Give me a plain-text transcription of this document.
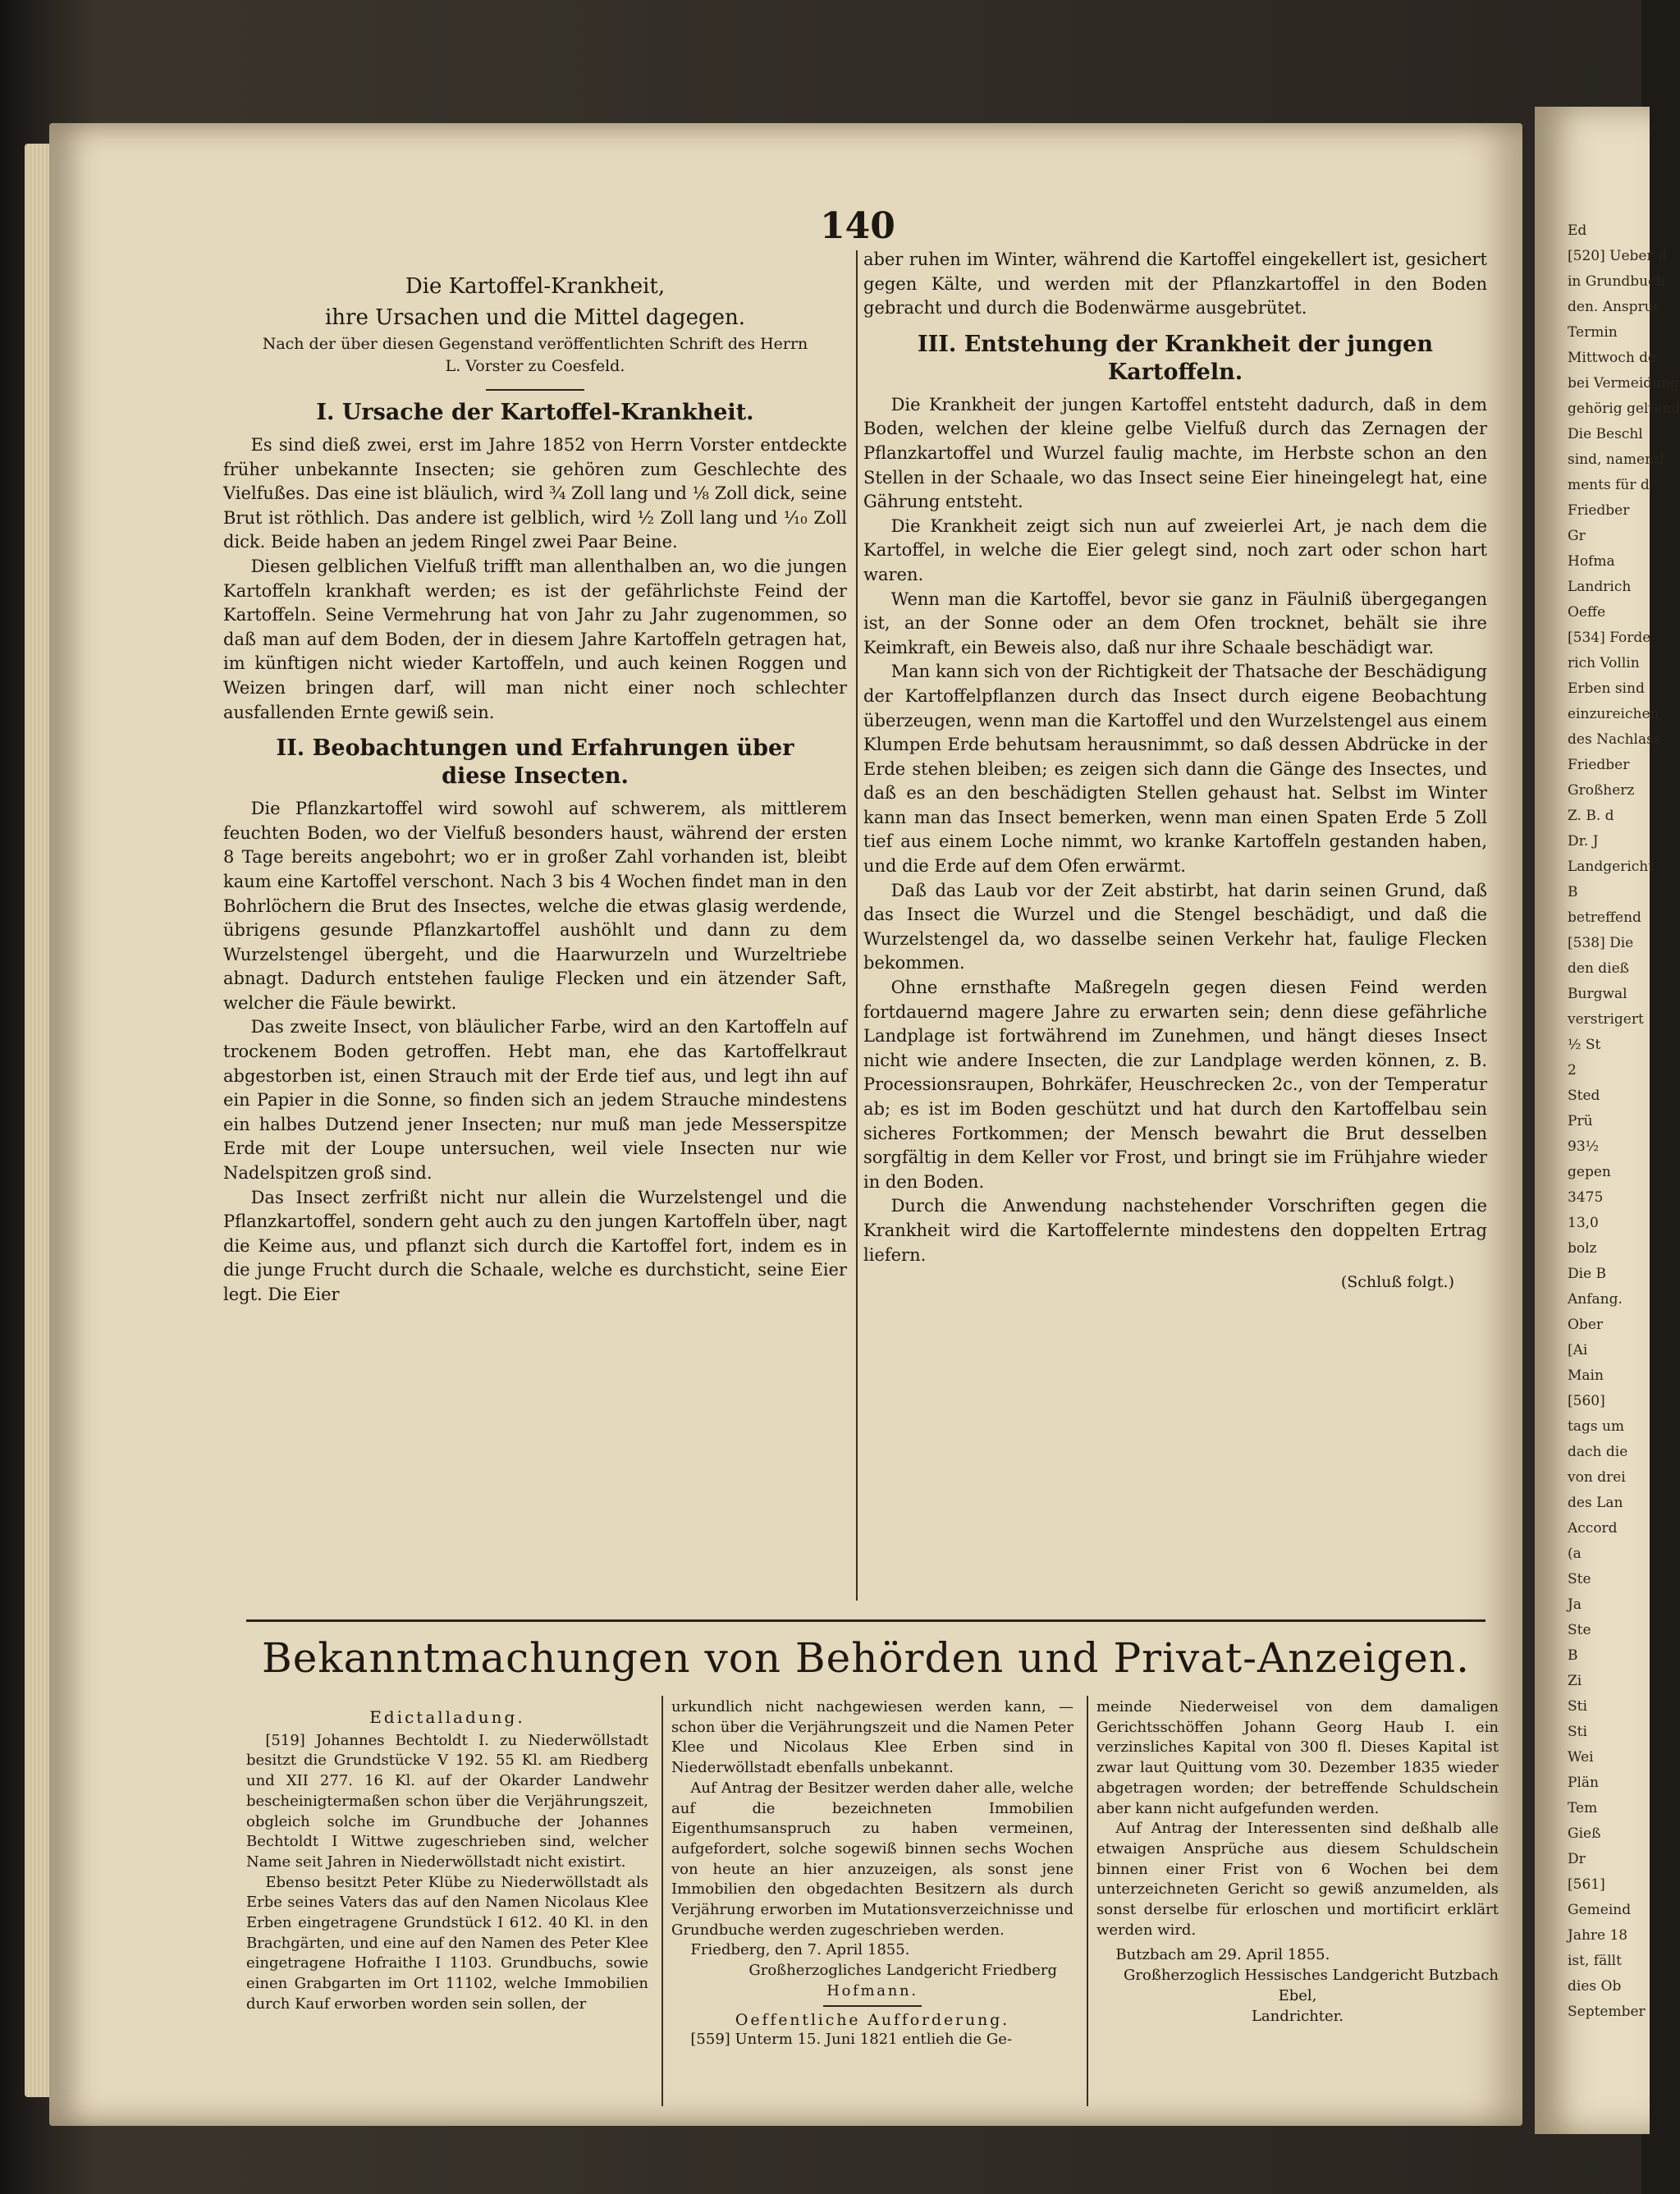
Ed
[520] Ueber d
in Grundbuch
den. Anspruc
Termin
Mittwoch de
bei Vermeidung
gehörig geltend
Die Beschl
sind, namentl
ments für d
Friedber
Gr
Hofma
Landrich
Oeffe
[534] Forde
rich Vollin
Erben sind
einzureichen,
des Nachlass
Friedber
Großherz
Z. B. d
Dr. J
Landgericht
B
betreffend
[538] Die
den dieß
Burgwal
verstrigert
½ St
2
Sted
Prü
93½
gepen
3475
13,0
bolz
Die B
Anfang.
Ober
[Ai
Main
[560]
tags um
dach die
von drei
des Lan
Accord
(a
Ste
Ja
Ste
B
Zi
Sti
Sti
Wei
Plän
Tem
Gieß
Dr
[561]
Gemeind
Jahre 18
ist, fällt
dies Ob
September
140
Die Kartoffel-Krankheit,
ihre Ursachen und die Mittel dagegen.
Nach der über diesen Gegenstand veröffentlichten Schrift des Herrn
L. Vorster zu Coesfeld.
I. Ursache der Kartoffel-Krankheit.

Es sind dieß zwei, erst im Jahre 1852 von Herrn Vorster entdeckte früher unbekannte Insecten; sie gehören zum Geschlechte des Vielfußes. Das eine ist bläulich, wird ¾ Zoll lang und ⅛ Zoll dick, seine Brut ist röthlich. Das andere ist gelblich, wird ½ Zoll lang und ¹⁄₁₀ Zoll dick. Beide haben an jedem Ringel zwei Paar Beine.

Diesen gelblichen Vielfuß trifft man allenthalben an, wo die jungen Kartoffeln krankhaft werden; es ist der gefährlichste Feind der Kartoffeln. Seine Vermehrung hat von Jahr zu Jahr zugenommen, so daß man auf dem Boden, der in diesem Jahre Kartoffeln getragen hat, im künftigen nicht wieder Kartoffeln, und auch keinen Roggen und Weizen bringen darf, will man nicht einer noch schlechter ausfallenden Ernte gewiß sein.

II. Beobachtungen und Erfahrungen über
diese Insecten.

Die Pflanzkartoffel wird sowohl auf schwerem, als mittlerem feuchten Boden, wo der Vielfuß besonders haust, während der ersten 8 Tage bereits angebohrt; wo er in großer Zahl vorhanden ist, bleibt kaum eine Kartoffel verschont. Nach 3 bis 4 Wochen findet man in den Bohrlöchern die Brut des Insectes, welche die etwas glasig werdende, übrigens gesunde Pflanzkartoffel aushöhlt und dann zu dem Wurzelstengel übergeht, und die Haarwurzeln und Wurzeltriebe abnagt. Dadurch entstehen faulige Flecken und ein ätzender Saft, welcher die Fäule bewirkt.

Das zweite Insect, von bläulicher Farbe, wird an den Kartoffeln auf trockenem Boden getroffen. Hebt man, ehe das Kartoffelkraut abgestorben ist, einen Strauch mit der Erde tief aus, und legt ihn auf ein Papier in die Sonne, so finden sich an jedem Strauche mindestens ein halbes Dutzend jener Insecten; nur muß man jede Messerspitze Erde mit der Loupe untersuchen, weil viele Insecten nur wie Nadelspitzen groß sind.

Das Insect zerfrißt nicht nur allein die Wurzelstengel und die Pflanzkartoffel, sondern geht auch zu den jungen Kartoffeln über, nagt die Keime aus, und pflanzt sich durch die Kartoffel fort, indem es in die junge Frucht durch die Schaale, welche es durchsticht, seine Eier legt. Die Eier

aber ruhen im Winter, während die Kartoffel eingekellert ist, gesichert gegen Kälte, und werden mit der Pflanzkartoffel in den Boden gebracht und durch die Bodenwärme ausgebrütet.

III. Entstehung der Krankheit der jungen
Kartoffeln.

Die Krankheit der jungen Kartoffel entsteht dadurch, daß in dem Boden, welchen der kleine gelbe Vielfuß durch das Zernagen der Pflanzkartoffel und Wurzel faulig machte, im Herbste schon an den Stellen in der Schaale, wo das Insect seine Eier hineingelegt hat, eine Gährung entsteht.

Die Krankheit zeigt sich nun auf zweierlei Art, je nach dem die Kartoffel, in welche die Eier gelegt sind, noch zart oder schon hart waren.

Wenn man die Kartoffel, bevor sie ganz in Fäulniß übergegangen ist, an der Sonne oder an dem Ofen trocknet, behält sie ihre Keimkraft, ein Beweis also, daß nur ihre Schaale beschädigt war.

Man kann sich von der Richtigkeit der Thatsache der Beschädigung der Kartoffelpflanzen durch das Insect durch eigene Beobachtung überzeugen, wenn man die Kartoffel und den Wurzelstengel aus einem Klumpen Erde behutsam herausnimmt, so daß dessen Abdrücke in der Erde stehen bleiben; es zeigen sich dann die Gänge des Insectes, und daß es an den beschädigten Stellen gehaust hat. Selbst im Winter kann man das Insect bemerken, wenn man einen Spaten Erde 5 Zoll tief aus einem Loche nimmt, wo kranke Kartoffeln gestanden haben, und die Erde auf dem Ofen erwärmt.

Daß das Laub vor der Zeit abstirbt, hat darin seinen Grund, daß das Insect die Wurzel und die Stengel beschädigt, und daß die Wurzelstengel da, wo dasselbe seinen Verkehr hat, faulige Flecken bekommen.

Ohne ernsthafte Maßregeln gegen diesen Feind werden fortdauernd magere Jahre zu erwarten sein; denn diese gefährliche Landplage ist fortwährend im Zunehmen, und hängt dieses Insect nicht wie andere Insecten, die zur Landplage werden können, z. B. Processionsraupen, Bohrkäfer, Heuschrecken 2c., von der Temperatur ab; es ist im Boden geschützt und hat durch den Kartoffelbau sein sicheres Fortkommen; der Mensch bewahrt die Brut desselben sorgfältig in dem Keller vor Frost, und bringt sie im Frühjahre wieder in den Boden.

Durch die Anwendung nachstehender Vorschriften gegen die Krankheit wird die Kartoffelernte mindestens den doppelten Ertrag liefern.

(Schluß folgt.)
Bekanntmachungen von Behörden und Privat-Anzeigen.
Edictalladung.

[519] Johannes Bechtoldt I. zu Niederwöllstadt besitzt die Grundstücke V 192. 55 Kl. am Riedberg und XII 277. 16 Kl. auf der Okarder Landwehr bescheinigtermaßen schon über die Verjährungszeit, obgleich solche im Grundbuche der Johannes Bechtoldt I Wittwe zugeschrieben sind, welcher Name seit Jahren in Niederwöllstadt nicht existirt.

Ebenso besitzt Peter Klübe zu Niederwöllstadt als Erbe seines Vaters das auf den Namen Nicolaus Klee Erben eingetragene Grundstück I 612. 40 Kl. in den Brachgärten, und eine auf den Namen des Peter Klee eingetragene Hofraithe I 1103. Grundbuchs, sowie einen Grabgarten im Ort 11102, welche Immobilien durch Kauf erworben worden sein sollen, der

urkundlich nicht nachgewiesen werden kann, — schon über die Verjährungszeit und die Namen Peter Klee und Nicolaus Klee Erben sind in Niederwöllstadt ebenfalls unbekannt.

Auf Antrag der Besitzer werden daher alle, welche auf die bezeichneten Immobilien Eigenthumsanspruch zu haben vermeinen, aufgefordert, solche sogewiß binnen sechs Wochen von heute an hier anzuzeigen, als sonst jene Immobilien den obgedachten Besitzern als durch Verjährung erworben im Mutationsverzeichnisse und Grundbuche werden zugeschrieben werden.

Friedberg, den 7. April 1855.

Großherzogliches Landgericht Friedberg
Hofmann.
Oeffentliche Aufforderung.

[559] Unterm 15. Juni 1821 entlieh die Ge-

meinde Niederweisel von dem damaligen Gerichtsschöffen Johann Georg Haub I. ein verzinsliches Kapital von 300 fl. Dieses Kapital ist zwar laut Quittung vom 30. Dezember 1835 wieder abgetragen worden; der betreffende Schuldschein aber kann nicht aufgefunden werden.

Auf Antrag der Interessenten sind deßhalb alle etwaigen Ansprüche aus diesem Schuldschein binnen einer Frist von 6 Wochen bei dem unterzeichneten Gericht so gewiß anzumelden, als sonst derselbe für erloschen und mortificirt erklärt werden wird.

Butzbach am 29. April 1855.

Großherzoglich Hessisches Landgericht Butzbach
Ebel,
Landrichter.
